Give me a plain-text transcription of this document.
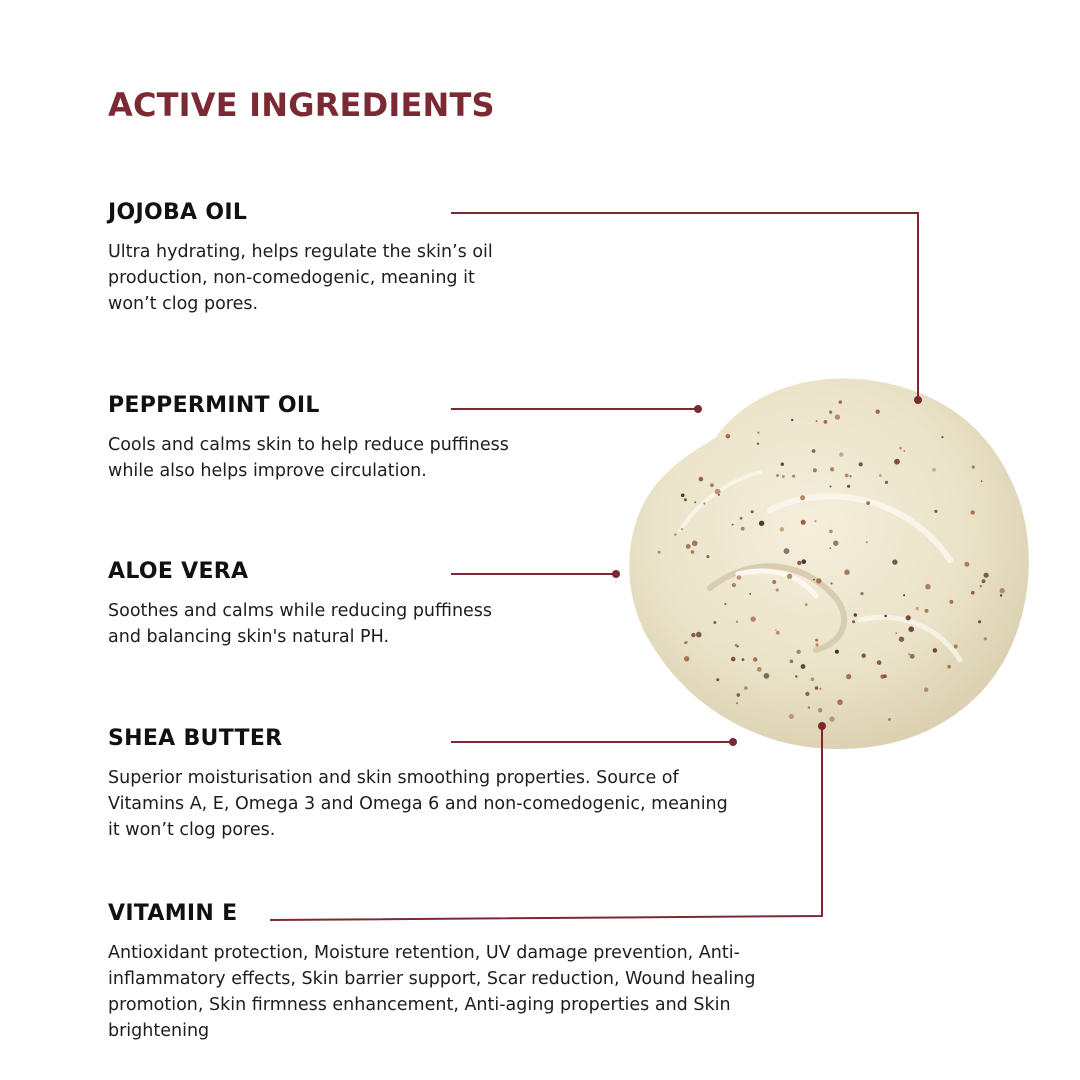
ACTIVE INGREDIENTS
JOJOBA OIL

Ultra hydrating, helps regulate the skin’s oil production, non-comedogenic, meaning it won’t clog pores.

PEPPERMINT OIL

Cools and calms skin to help reduce puffiness while also helps improve circulation.

ALOE VERA

Soothes and calms while reducing puffiness and balancing skin's natural PH.

SHEA BUTTER

Superior moisturisation and skin smoothing properties. Source of Vitamins A, E, Omega 3 and Omega 6 and non-comedogenic, meaning it won’t clog pores.

VITAMIN E

Antioxidant protection, Moisture retention, UV damage prevention, Anti-inflammatory effects, Skin barrier support, Scar reduction, Wound healing promotion, Skin firmness enhancement, Anti-aging properties and Skin brightening
